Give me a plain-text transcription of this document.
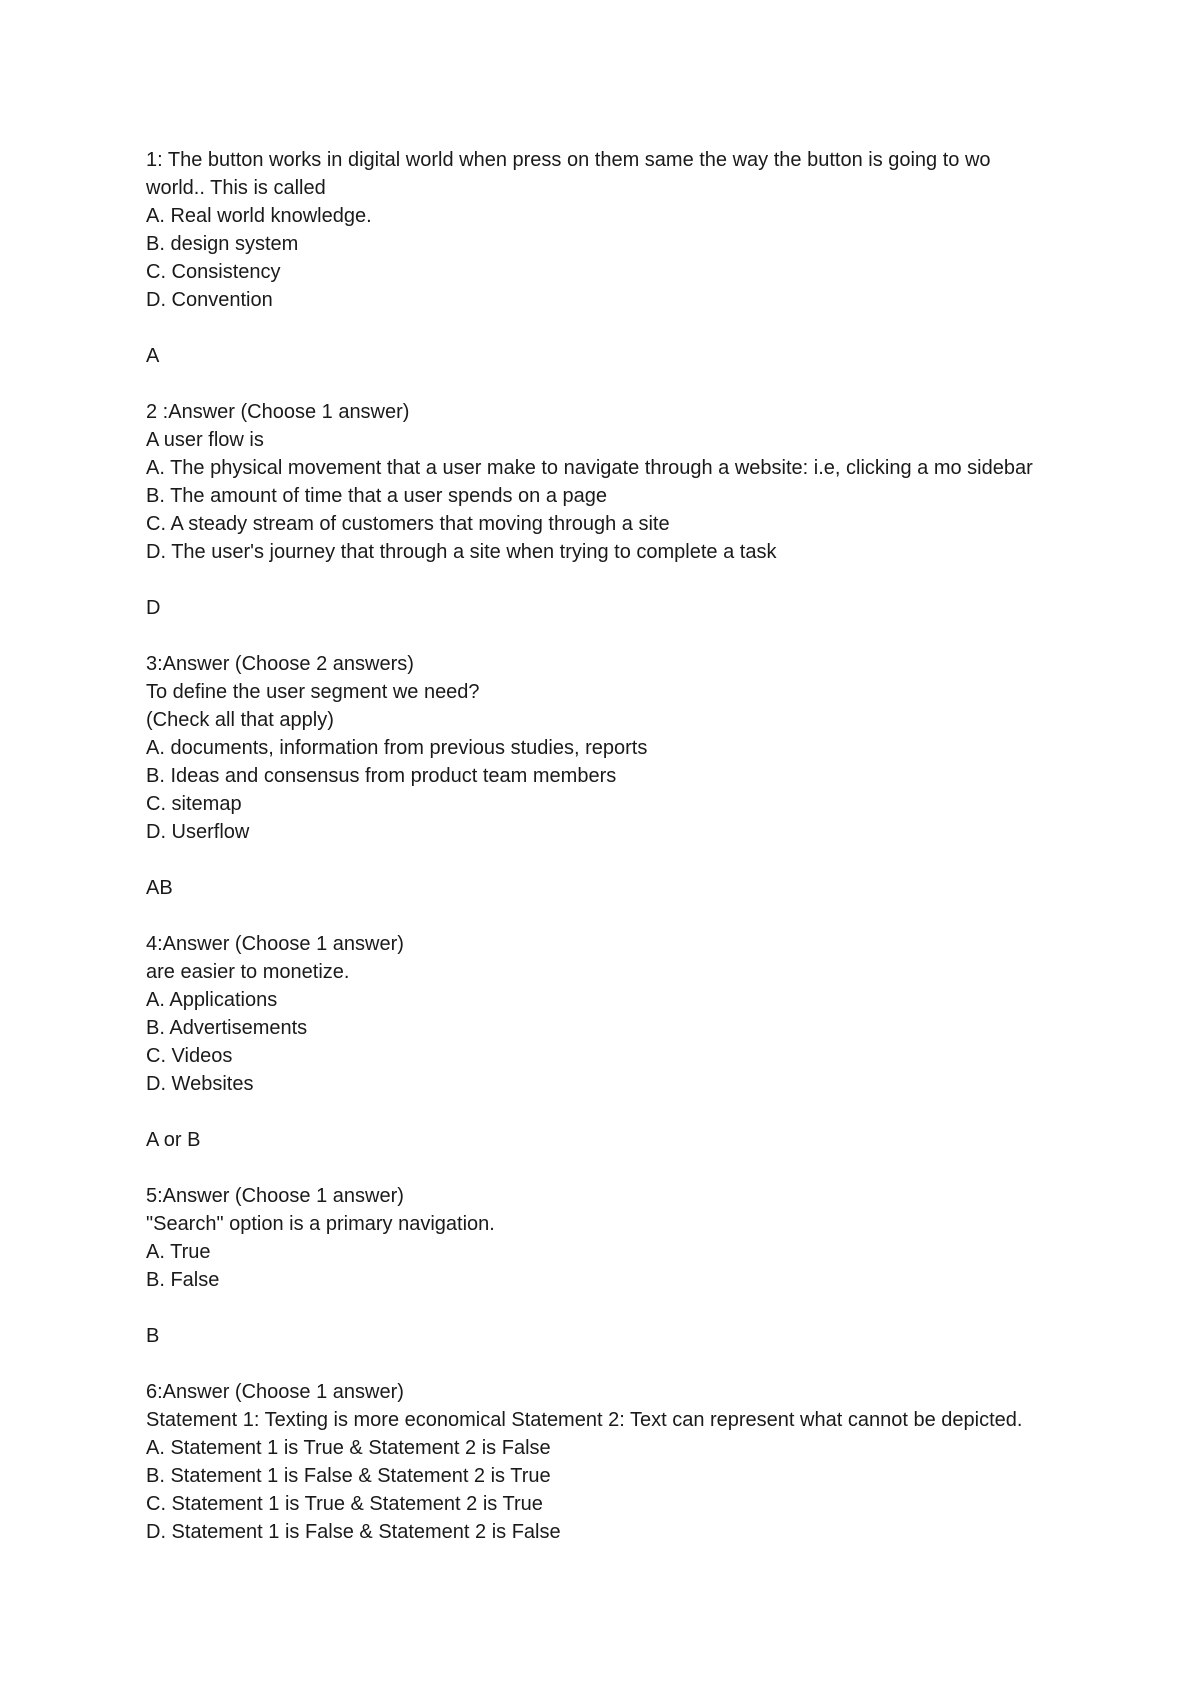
1: The button works in digital world when press on them same the way the button is going to wo

world.. This is called

A. Real world knowledge.

B. design system

C. Consistency

D. Convention

A

2 :Answer (Choose 1 answer)

A user flow is

A. The physical movement that a user make to navigate through a website: i.e, clicking a mo sidebar

B. The amount of time that a user spends on a page

C. A steady stream of customers that moving through a site

D. The user's journey that through a site when trying to complete a task

D

3:Answer (Choose 2 answers)

To define the user segment we need?

(Check all that apply)

A. documents, information from previous studies, reports

B. Ideas and consensus from product team members

C. sitemap

D. Userflow

AB

4:Answer (Choose 1 answer)

are easier to monetize.

A. Applications

B. Advertisements

C. Videos

D. Websites

A or B

5:Answer (Choose 1 answer)

"Search" option is a primary navigation.

A. True

B. False

B

6:Answer (Choose 1 answer)

Statement 1: Texting is more economical Statement 2: Text can represent what cannot be depicted.

A. Statement 1 is True & Statement 2 is False

B. Statement 1 is False & Statement 2 is True

C. Statement 1 is True & Statement 2 is True

D. Statement 1 is False & Statement 2 is False
